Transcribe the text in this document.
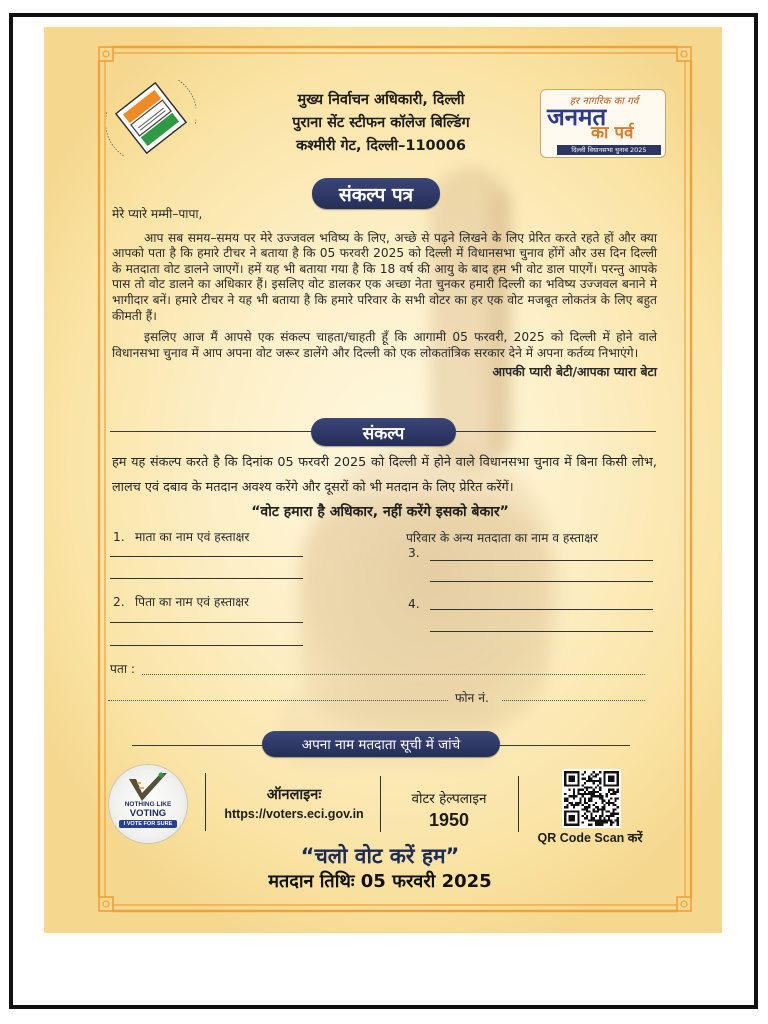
मुख्य निर्वाचन अधिकारी, दिल्ली
पुराना सेंट स्टीफन कॉलेज बिल्डिंग
कश्मीरी गेट, दिल्ली–110006
हर नागरिक का गर्व
जनमत
का पर्व
दिल्ली विधानसभा चुनाव 2025
संकल्प पत्र
मेरे प्यारे मम्मी–पापा,
आप सब समय–समय पर मेरे उज्जवल भविष्य के लिए, अच्छे से पढ़ने लिखने के लिए प्रेरित करते रहते हों और क्या आपको पता है कि हमारे टीचर ने बताया है कि 05 फरवरी 2025 को दिल्ली में विधानसभा चुनाव होंगें और उस दिन दिल्ली के मतदाता वोट डालने जाएगें। हमें यह भी बताया गया है कि 18 वर्ष की आयु के बाद हम भी वोट डाल पाएगें। परन्तु आपके पास तो वोट डालने का अधिकार हैं। इसलिए वोट डालकर एक अच्छा नेता चुनकर हमारी दिल्ली का भविष्य उज्जवल बनाने मे भागीदार बनें। हमारे टीचर ने यह भी बताया है कि हमारे परिवार के सभी वोटर का हर एक वोट मजबूत लोकतंत्र के लिए बहुत कीमती हैं।
इसलिए आज मैं आपसे एक संकल्प चाहता/चाहती हूँ कि आगामी 05 फरवरी, 2025 को दिल्ली में होने वाले विधानसभा चुनाव में आप अपना वोट जरूर डालेंगे और दिल्ली को एक लोकतांत्रिक सरकार देने में अपना कर्तव्य निभाएंगे।
आपकी प्यारी बेटी/आपका प्यारा बेटा
संकल्प
हम यह संकल्प करते है कि दिनांक 05 फरवरी 2025 को दिल्ली में होने वाले विधानसभा चुनाव में बिना किसी लोभ, लालच एवं दबाव के मतदान अवश्य करेंगे और दूसरों को भी मतदान के लिए प्रेरित करेंगें।
“वोट हमारा है अधिकार, नहीं करेंगे इसको बेकार”
1. माता का नाम एवं हस्ताक्षर
2. पिता का नाम एवं हस्ताक्षर
परिवार के अन्य मतदाता का नाम व हस्ताक्षर
3.
4.
पता :
फोन नं.
अपना नाम मतदाता सूची में जांचे
NOTHING LIKE
VOTING
I VOTE FOR SURE
ऑनलाइनः
https://voters.eci.gov.in
वोटर हेल्पलाइन
1950
QR Code Scan करें
“चलो वोट करें हम”
मतदान तिथिः 05 फरवरी 2025
